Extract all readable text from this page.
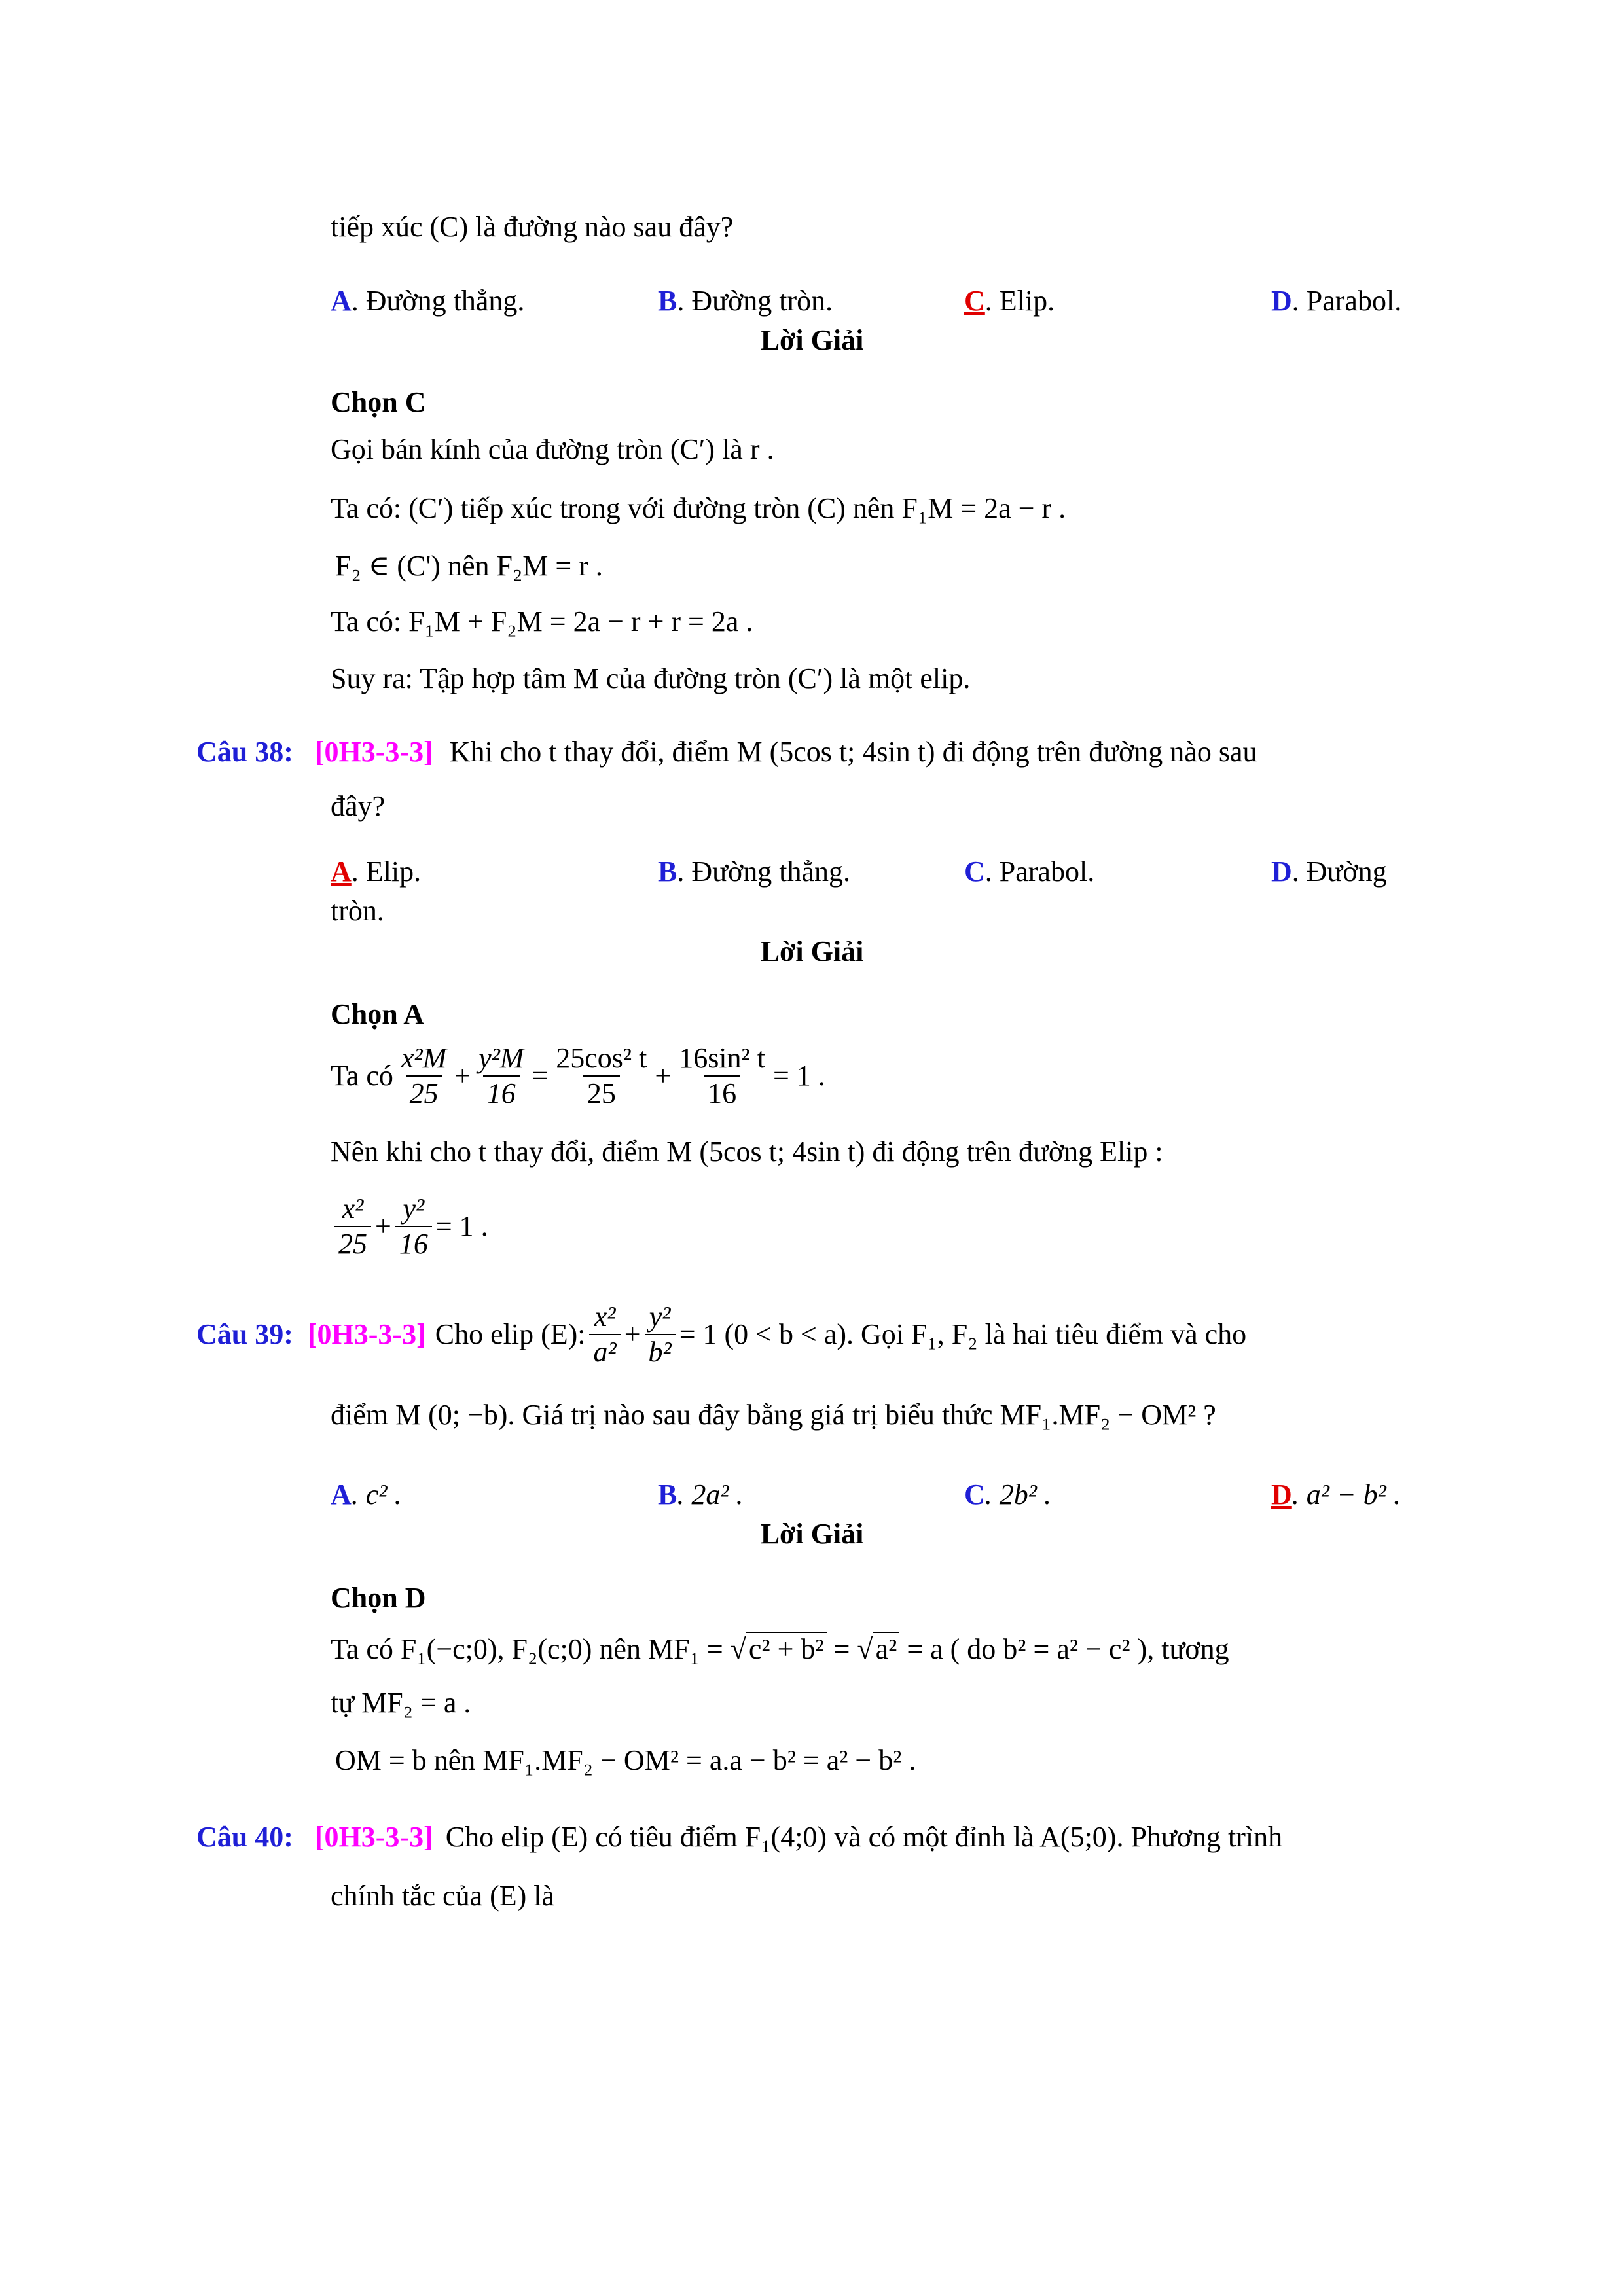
tiếp xúc (C) là đường nào sau đây?
A. Đường thẳng.	B. Đường tròn.	C. Elip.	D. Parabol.
Lời Giải
Chọn C
Gọi bán kính của đường tròn (C′) là r .
Ta có: (C′) tiếp xúc trong với đường tròn (C) nên F₁M = 2a − r .
F₂ ∈ (C') nên F₂M = r .
Ta có: F₁M + F₂M = 2a − r + r = 2a .
Suy ra: Tập hợp tâm M của đường tròn (C′) là một elip.
Câu 38: [0H3-3-3] Khi cho t thay đổi, điểm M (5cos t; 4sin t) đi động trên đường nào sau
đây?
A. Elip.	B. Đường thẳng.	C. Parabol.	D. Đường
tròn.
Lời Giải
Chọn A
Ta có $\frac{\text{x²M}}{25} + \frac{\text{y²M}}{16} = \frac{\text{25cos² t}}{25} + \frac{\text{16sin² t}}{16} = 1$ .
Nên khi cho t thay đổi, điểm M (5cos t; 4sin t) đi động trên đường Elip :
$\frac{\text{x²}}{25} + \frac{\text{y²}}{16} = 1$ .
Câu 39: [0H3-3-3] Cho elip (E): $\frac{\text{x²}}{\text{a²}} + \frac{\text{y²}}{\text{b²}} = 1$ (0 < b < a). Gọi F₁, F₂ là hai tiêu điểm và cho
điểm M (0; −b). Giá trị nào sau đây bằng giá trị biểu thức MF₁.MF₂ − OM² ?
A. c² .	B. 2a² .	C. 2b² .	D. a² − b² .
Lời Giải
Chọn D
Ta có F₁(−c;0), F₂(c;0) nên MF₁ = √c² + b² = √a² = a ( do b² = a² − c² ), tương
tự MF₂ = a .
OM = b nên MF₁.MF₂ − OM² = a.a − b² = a² − b² .
Câu 40: [0H3-3-3] Cho elip (E) có tiêu điểm F₁(4;0) và có một đỉnh là A(5;0). Phương trình
chính tắc của (E) là
